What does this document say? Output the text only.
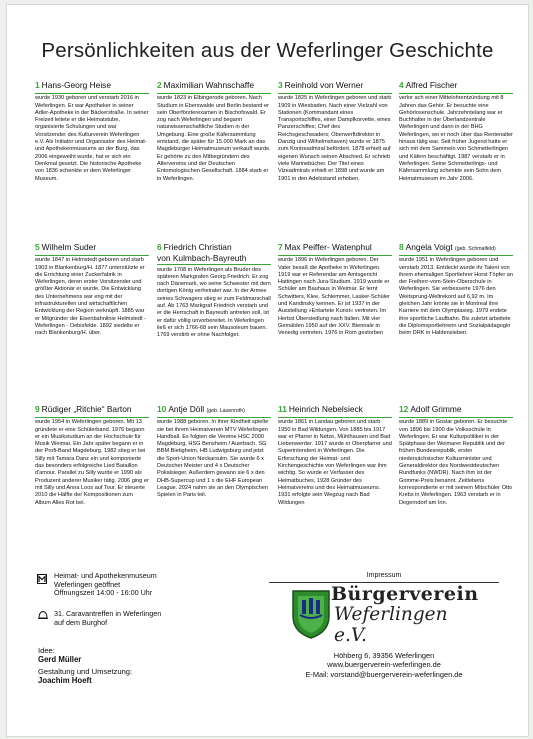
Persönlichkeiten aus der Weferlinger Geschichte
1 Hans-Georg Heise

wurde 1930 geboren und verstarb 2016 in Weferlingen. Er war Apotheker in seiner Adler-Apotheke in der Bäckerstraße. In seiner Freizeit leitete er die Heimatstube, organisierte Schulungen und war Vorsitzender des Kulturverein Weferlingen e.V. Als Initiator und Organisator des Heimat- und Apothekenmuseums an der Burg, das 2006 eingeweiht wurde, hat er sich ein Denkmal gesetzt. Die historische Apotheke von 1836 schenkte er dem Weferlinger Museum.

2 Maximilian Wahnschaffe

wurde 1823 in Elbingerode geboren. Nach Studium in Eberswalde und Berlin bestand er sein Oberförsterexamen in Bischofswald. Er zog nach Weferlingen und begann naturwissenschaftliche Studien in der Umgebung. Eine große Käfersammlung entstand, die später für 15.000 Mark an das Magdeburger Heimatmuseum verkauft wurde. Er gehörte zu den Mitbegründern des Allervereins und der Deutschen Entomologischen Gesellschaft. 1884 starb er in Weferlingen.

3 Reinhold von Werner

wurde 1825 in Weferlingen geboren und starb 1909 in Wiesbaden. Nach einer Vielzahl von Stationen (Kommandant eines Transportschiffes, einer Dampfkorvette, eines Panzerschiffes; Chef des Reichsgeschwaders; Oberwerftdirektor in Danzig und Wilhelmshaven) wurde er 1875 zum Kontreadmiral befördert. 1878 erhielt auf eigenen Wunsch seinen Abschied. Er schrieb viele Marinebücher. Der Titel eines Vizeadmirals erhielt er 1898 und wurde am 1901 in den Adelsstand erhoben.

4 Alfred Fischer

verlor ach einer Mittelohrentzündung mit 8 Jahren das Gehör. Er besuchte eine Gehörlosenschule. Jahrzehntelang war er Buchhalter in der Überlandzentrale Weferlingen und dann in der BHG Weferlingen, wo er noch über das Rentenalter hinaus tätig war. Seit früher Jugend hatte er sich mit dem Sammeln von Schmetterlingen und Käfern beschäftigt. 1987 verstarb er in Weferlingen. Seine Schmetterlings- und Käfersammlung schenkte sein Sohn dem Heimatmuseum im Jahr 2006.

5 Wilhelm Suder

wurde 1847 in Helmstedt geboren und starb 1903 in Blankenburg/H. 1877 unterstützte er die Errichtung einer Zuckerfabrik in Weferlingen, deren erster Vorsitzender und größter Aktionär er wurde. Die Entwicklung des Unternehmens war eng mit der infrastrukturellen und wirtschaftlichen Entwicklung der Region verknüpft. 1885 war er Mitgründer der Eisenbahnlinie Helmstedt - Weferlingen - Oebisfelde. 1892 siedelte er nach Blankenburg/H. über.

6 Friedrich Christian
von Kulmbach-Bayreuth

wurde 1708 in Weferlingen als Bruder des späteren Markgrafen Georg Friedrich. Er zog nach Dänemark, wo seine Schwester mit dem dortigen König verheiratet war. In der Armee seines Schwagers stieg er zum Feldmarschall auf. Ab 1763 Markgraf Friedrich verstarb und er die Herrschaft in Bayreuth antreten soll, ist er dafür völlig unvorbereitet. In Weferlingen ließ er sich 1766-68 sein Mausoleum bauen. 1769 verstirb er ohne Nachfolger.

7 Max Peiffer- Watenphul

wurde 1896 in Weferlingen geboren. Der Vater besaß die Apotheke in Weferlingen. 1919 war er Referendar am Amtsgericht Hattingen nach Jura-Studium. 1919 wurde er Schüler am Bauhaus in Weimar. Er lernt Schwitters, Klee, Schlemmer, Lasker-Schüler und Kandinsky kennen. Er ist 1937 in der Ausstellung »Entartete Kunst« vertreten. Im Herbst Übersiedlung nach Italien. Mit vier Gemälden 1950 auf der XXV. Biennale in Venedig vertreten. 1976 in Rom gestorben

8 Angela Voigt (geb. Schmalfeld)

wurde 1951 in Weferlingen geboren und verstarb 2013. Entdeckt wurde ihr Talent von ihrem ehemaligen Sportlehrer Horst Töpfer an der Freiherr-vom-Stein-Oberschule in Weferlingen. Sie verbesserte 1976 den Weitsprung-Weltrekord auf 6,92 m. Im gleichen Jahr krönte sie in Montreal ihre Karriere mit dem Olympiasieg. 1979 endete ihre sportliche Laufbahn. Bis zuletzt arbeitete die Diplomsportlehrerin und Sozialpädagogin beim DRK in Haldensleben.

9 Rüdiger „Ritchie“ Barton

wurde 1954 in Weferlingen geboren. Mit 13 gründete er eine Schülerband. 1976 begann er ein Musikstudium an der Hochschule für Musik Weimar. Ein Jahr später begann er in der Profi-Band Magdeburg. 1982 stieg er bei Silly mit Tamara Danz ein und komponierte das besonders erfolgreiche Lied Bataillon d'amour. Parallel zu Silly wurde er 1990 als Produzent anderer Musiker tätig. 2006 ging er mit Silly und Anna Loos auf Tour. Er steuerte 2010 die Hälfte der Kompositionen zum Album Alles Rot bei.

10 Antje Döll (geb. Lauenroth)

wurde 1988 geboren. In ihrer Kindheit spielte sie bei ihrem Heimatverein MTV Weferlingen Handball. Es folgten die Vereine HSC 2000 Magdeburg, HSG Bensheim / Auerbach, SG BBM Bietigheim, HB Ludwigsburg und jetzt die Sport-Union Neckarsulm. Sie wurde 6 x Deutscher Meister und 4 x Deutscher Pokalsieger. Außerdem gewann sie 6 x den DHB-Supercup und 1 x die EHF European League. 2024 nahm sie an den Olympischen Spielen in Paris teil.

11 Heinrich Nebelsieck

wurde 1861 in Landau geboren und starb 1950 in Bad Wildungen. Von 1885 bis 1917 war er Pfarrer in Netze, Mühlhausen und Bad Liebenwerder. 1917 wurde er Oberpfarrer und Superintendent in Weferlingen. Die Erforschung der Heimat- und Kirchengeschichte von Weferlingen war ihm wichtig. So wurde er Verfasser des Heimatbuches, 1928 Gründer des Heimatvereins und des Heimatmuseums. 1931 erfolgte sein Wegzug nach Bad Wildungen

12 Adolf Grimme

wurde 1889 in Goslar geboren. Er besuchte von 1896 bis 1900 die Volksschule in Weferlingen. Er war Kulturpolitiker in der Spätphase der Weimarer Republik und der frühen Bundesrepublik, erster niedersächsischer Kultusminister und Generaldirektor des Nordwestdeutschen Rundfunks (NWDR). Nach ihm ist der Grimme-Preis benannt. Zeitlebens korrespondierte er mit seinem Mitschüler Otto Krebs in Weferlingen. 1963 verstarb er in Degerndorf am Inn.

Heimat- und Apothekenmuseum
Weferlingen geöffnet
Öffnungszeit 14:00 - 16:00 Uhr
31. Caravantreffen in Weferlingen
auf dem Burghof
Idee:
Gerd Müller
Gestaltung und Umsetzung:
Joachim Hoeft
Impressum
Bürgerverein
Weferlingen e.V.
Höhberg 6, 39356 Weferlingen
www.buergerverein-weferlingen.de
E-Mail: vorstand@buergerverein-weferlingen.de
